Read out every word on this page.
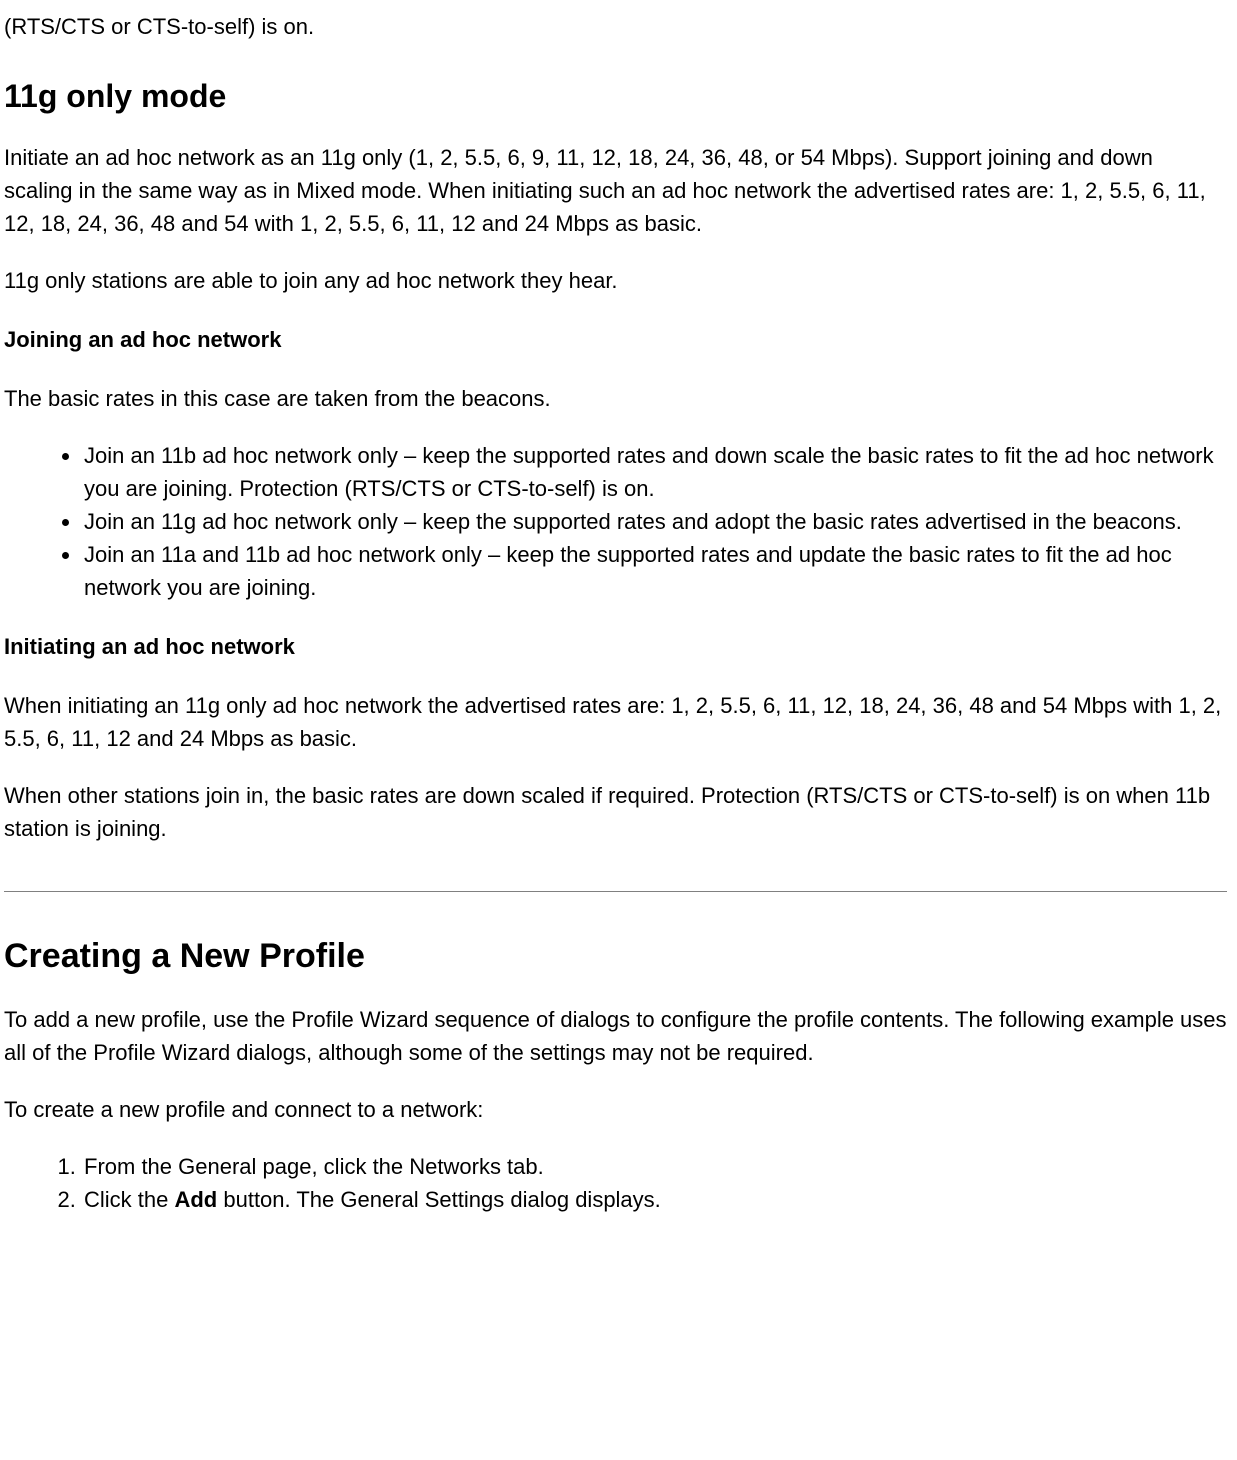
(RTS/CTS or CTS-to-self) is on.

11g only mode

Initiate an ad hoc network as an 11g only (1, 2, 5.5, 6, 9, 11, 12, 18, 24, 36, 48, or 54 Mbps). Support joining and down scaling in the same way as in Mixed mode. When initiating such an ad hoc network the advertised rates are: 1, 2, 5.5, 6, 11, 12, 18, 24, 36, 48 and 54 with 1, 2, 5.5, 6, 11, 12 and 24 Mbps as basic.

11g only stations are able to join any ad hoc network they hear.

Joining an ad hoc network

The basic rates in this case are taken from the beacons.

• Join an 11b ad hoc network only – keep the supported rates and down scale the basic rates to fit the ad hoc network you are joining. Protection (RTS/CTS or CTS-to-self) is on.
• Join an 11g ad hoc network only – keep the supported rates and adopt the basic rates advertised in the beacons.
• Join an 11a and 11b ad hoc network only – keep the supported rates and update the basic rates to fit the ad hoc network you are joining.
Initiating an ad hoc network

When initiating an 11g only ad hoc network the advertised rates are: 1, 2, 5.5, 6, 11, 12, 18, 24, 36, 48 and 54 Mbps with 1, 2, 5.5, 6, 11, 12 and 24 Mbps as basic.

When other stations join in, the basic rates are down scaled if required. Protection (RTS/CTS or CTS-to-self) is on when 11b station is joining.

Creating a New Profile

To add a new profile, use the Profile Wizard sequence of dialogs to configure the profile contents. The following example uses all of the Profile Wizard dialogs, although some of the settings may not be required.

To create a new profile and connect to a network:

1. From the General page, click the Networks tab.
2. Click the Add button. The General Settings dialog displays.
